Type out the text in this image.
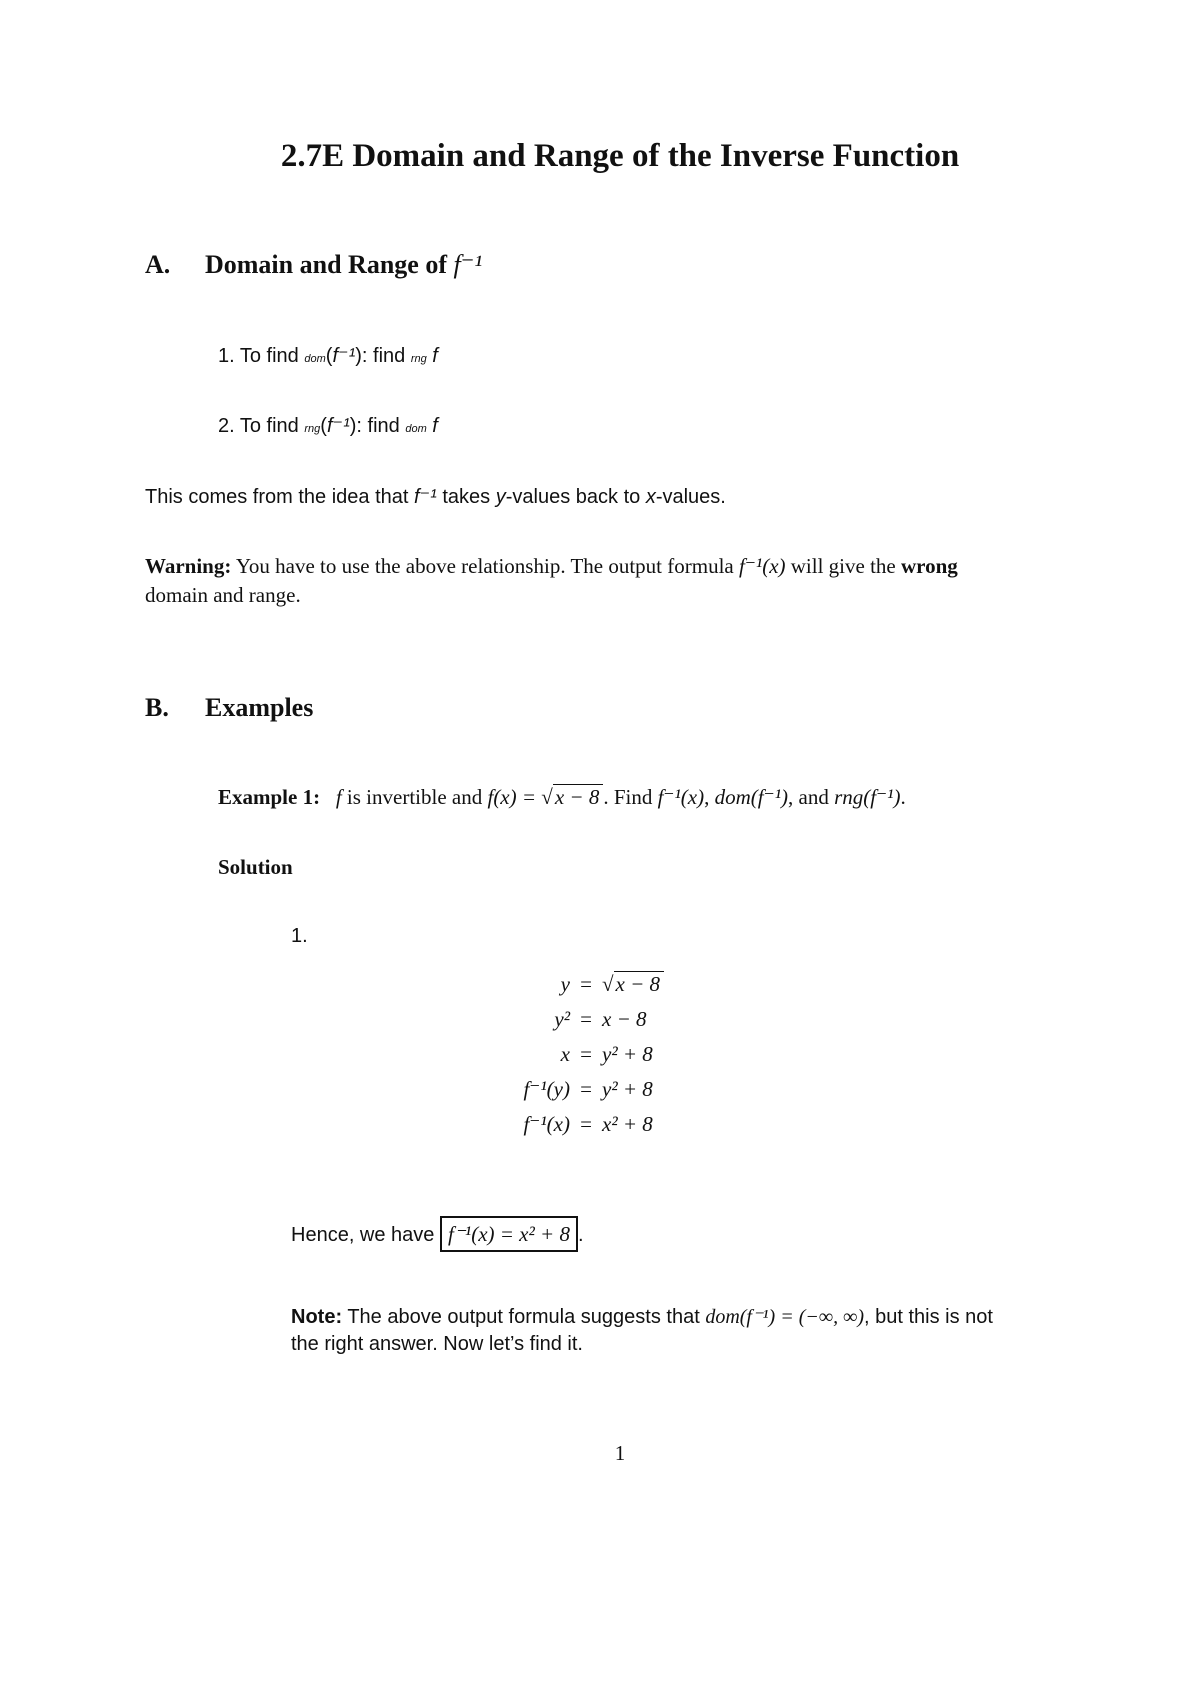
2.7E Domain and Range of the Inverse Function
A. Domain and Range of f⁻¹
1. To find dom(f⁻¹): find rng f
2. To find rng(f⁻¹): find dom f
This comes from the idea that f⁻¹ takes y-values back to x-values.
Warning: You have to use the above relationship. The output formula f⁻¹(x) will give the wrong
domain and range.
B. Examples
Example 1: f is invertible and f(x) = √x − 8 . Find f⁻¹(x), dom(f⁻¹), and rng(f⁻¹).
Solution
1.
y = √x − 8
y² = x − 8
x = y² + 8
f⁻¹(y) = y² + 8
f⁻¹(x) = x² + 8
Hence, we have f⁻¹(x) = x² + 8 .
Note: The above output formula suggests that dom(f⁻¹) = (−∞, ∞), but this is not
the right answer. Now let’s find it.
1
